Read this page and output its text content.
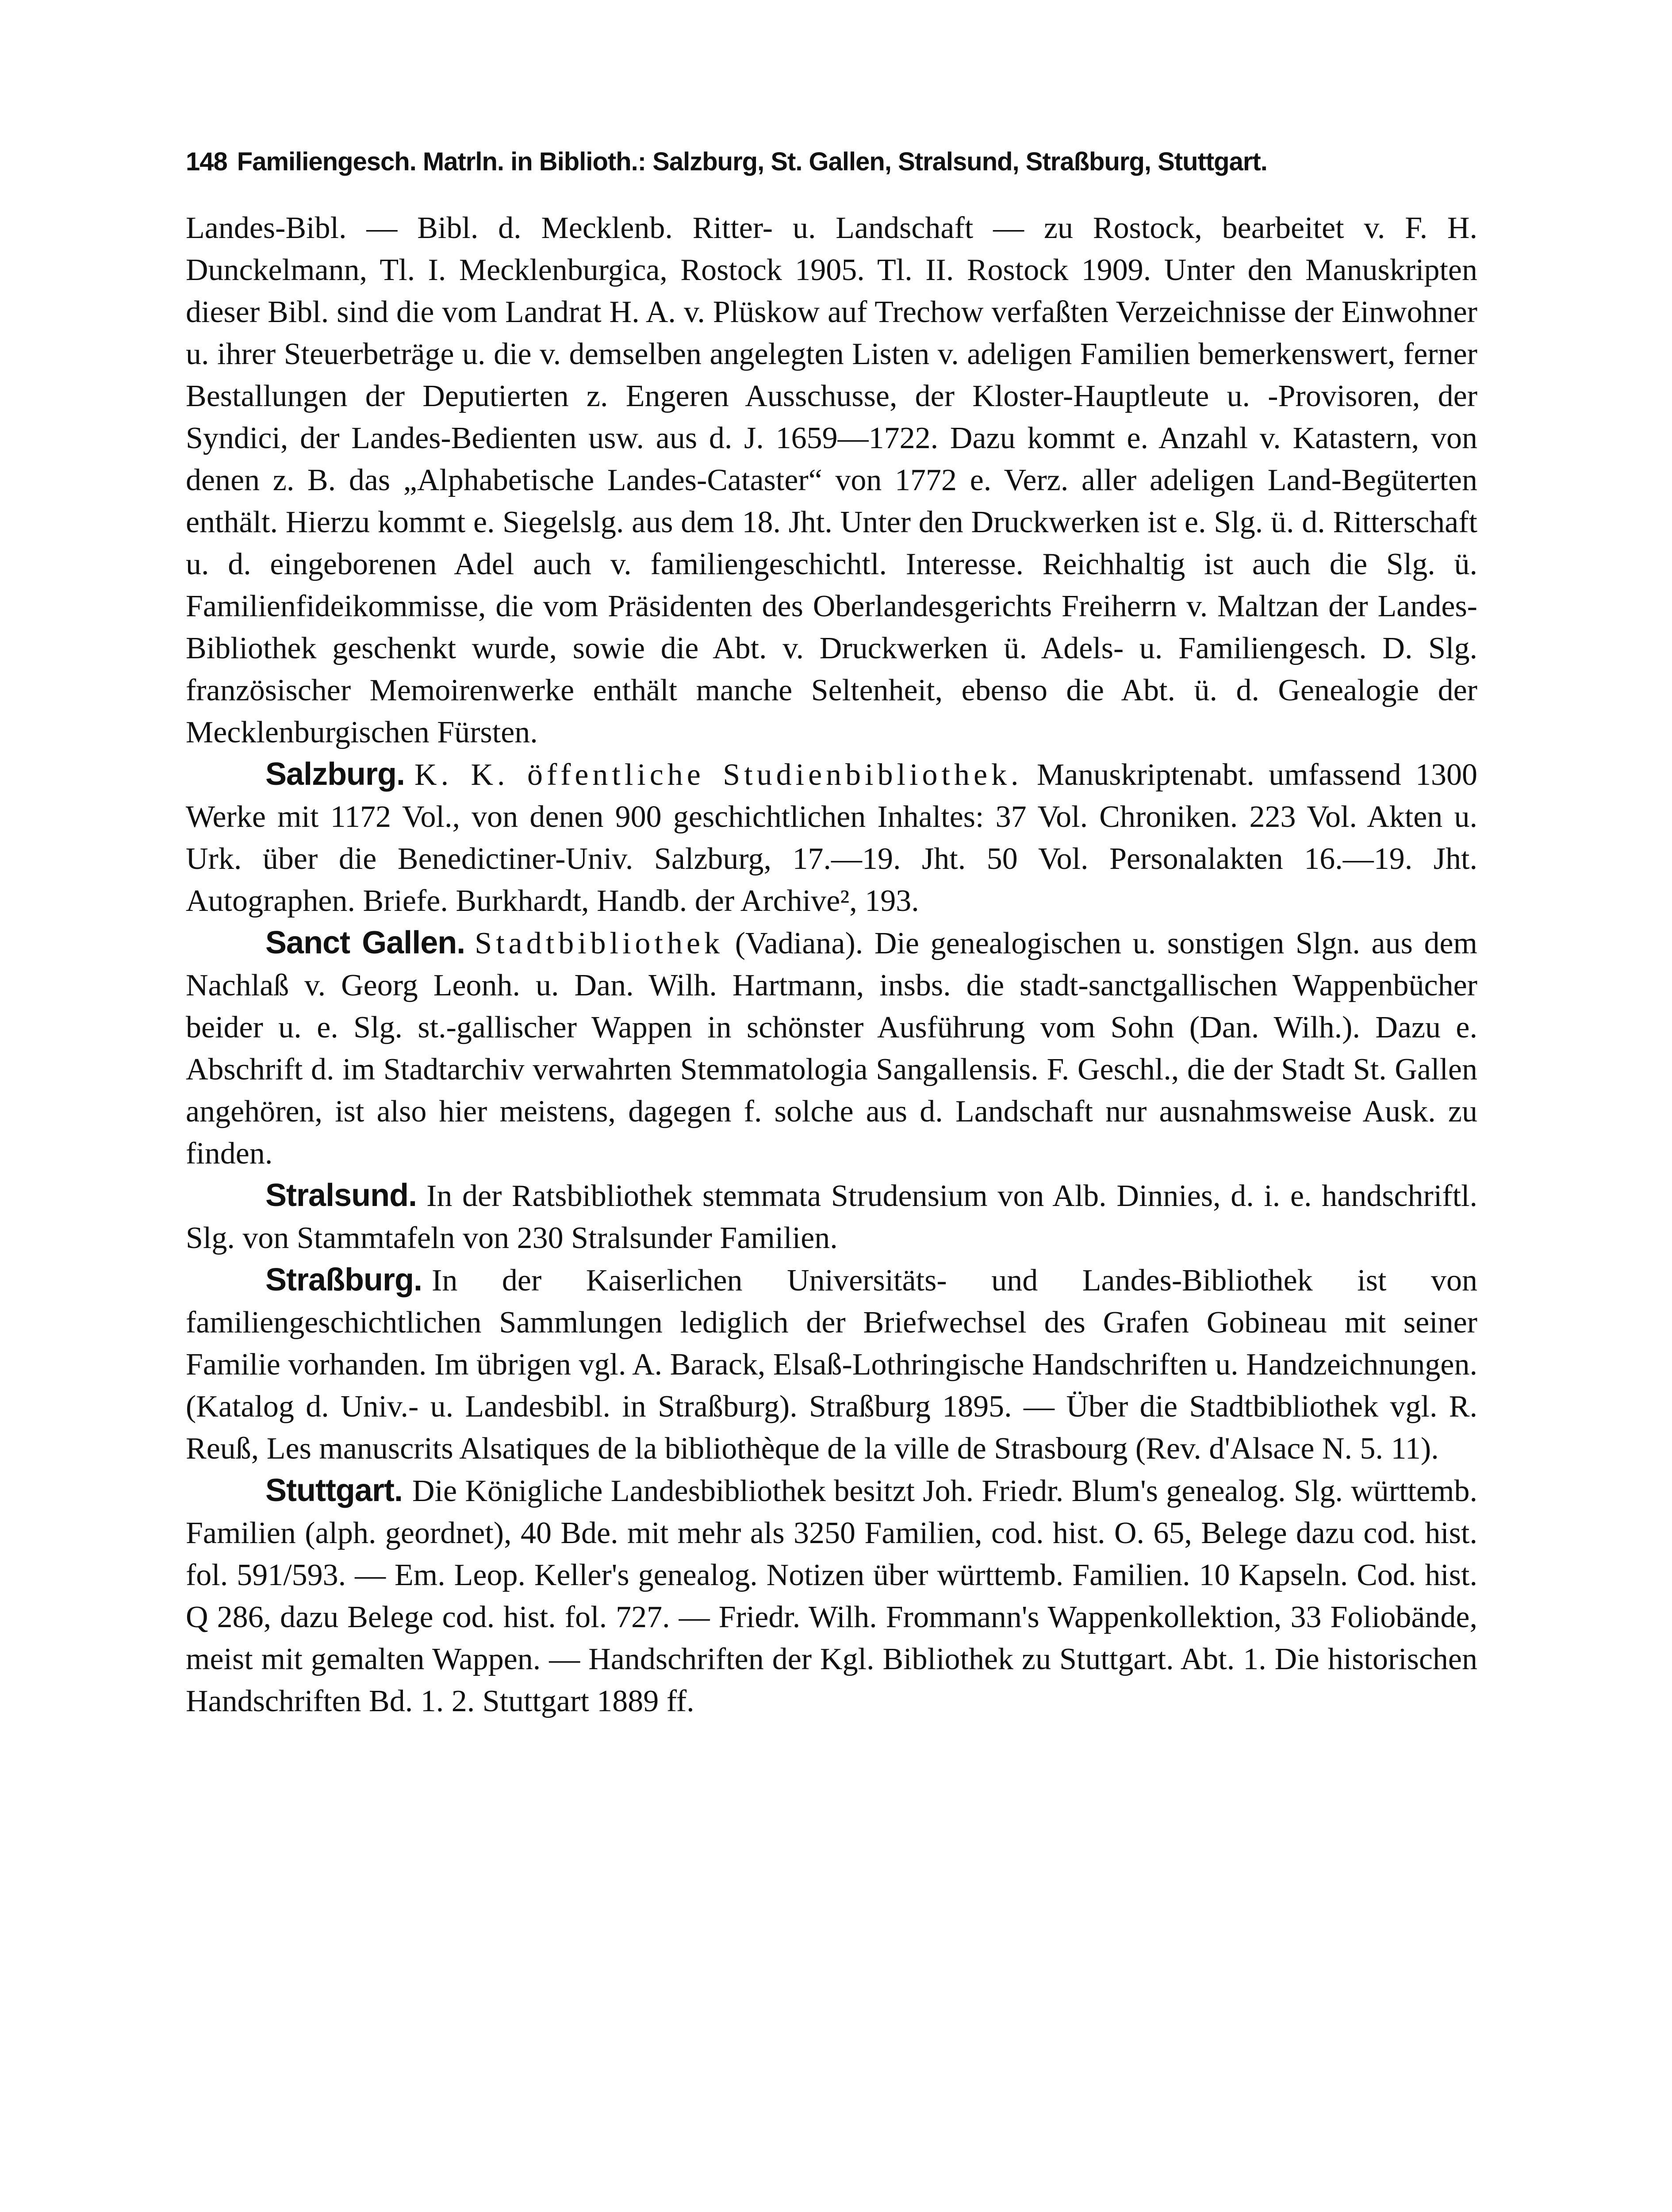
148 Familiengesch. Matrln. in Biblioth.: Salzburg, St. Gallen, Stralsund, Straßburg, Stuttgart.

Landes-Bibl. — Bibl. d. Mecklenb. Ritter- u. Landschaft — zu Rostock, bearbeitet v. F. H. Dunckelmann, Tl. I. Mecklenburgica, Rostock 1905. Tl. II. Rostock 1909. Unter den Manuskripten dieser Bibl. sind die vom Landrat H. A. v. Plüskow auf Trechow verfaßten Verzeichnisse der Einwohner u. ihrer Steuerbeträge u. die v. demselben angelegten Listen v. adeligen Familien bemerkenswert, ferner Bestallungen der Deputierten z. Engeren Ausschusse, der Kloster-Hauptleute u. -Provisoren, der Syndici, der Landes-Bedienten usw. aus d. J. 1659—1722. Dazu kommt e. Anzahl v. Katastern, von denen z. B. das „Alphabetische Landes-Cataster“ von 1772 e. Verz. aller adeligen Land-Begüterten enthält. Hierzu kommt e. Siegelslg. aus dem 18. Jht. Unter den Druckwerken ist e. Slg. ü. d. Ritterschaft u. d. eingeborenen Adel auch v. familiengeschichtl. Interesse. Reichhaltig ist auch die Slg. ü. Familienfideikommisse, die vom Präsidenten des Oberlandesgerichts Freiherrn v. Maltzan der Landes-Bibliothek geschenkt wurde, sowie die Abt. v. Druckwerken ü. Adels- u. Familiengesch. D. Slg. französischer Memoirenwerke enthält manche Seltenheit, ebenso die Abt. ü. d. Genealogie der Mecklenburgischen Fürsten.

Salzburg. K. K. öffentliche Studienbibliothek. Manuskriptenabt. umfassend 1300 Werke mit 1172 Vol., von denen 900 geschichtlichen Inhaltes: 37 Vol. Chroniken. 223 Vol. Akten u. Urk. über die Benedictiner-Univ. Salzburg, 17.—19. Jht. 50 Vol. Personalakten 16.—19. Jht. Autographen. Briefe. Burkhardt, Handb. der Archive², 193.

Sanct Gallen. Stadtbibliothek (Vadiana). Die genealogischen u. sonstigen Slgn. aus dem Nachlaß v. Georg Leonh. u. Dan. Wilh. Hartmann, insbs. die stadt-sanctgallischen Wappenbücher beider u. e. Slg. st.-gallischer Wappen in schönster Ausführung vom Sohn (Dan. Wilh.). Dazu e. Abschrift d. im Stadtarchiv verwahrten Stemmatologia Sangallensis. F. Geschl., die der Stadt St. Gallen angehören, ist also hier meistens, dagegen f. solche aus d. Landschaft nur ausnahmsweise Ausk. zu finden.

Stralsund. In der Ratsbibliothek stemmata Strudensium von Alb. Dinnies, d. i. e. handschriftl. Slg. von Stammtafeln von 230 Stralsunder Familien.

Straßburg. In der Kaiserlichen Universitäts- und Landes-Bibliothek ist von familiengeschichtlichen Sammlungen lediglich der Briefwechsel des Grafen Gobineau mit seiner Familie vorhanden. Im übrigen vgl. A. Barack, Elsaß-Lothringische Handschriften u. Handzeichnungen. (Katalog d. Univ.- u. Landesbibl. in Straßburg). Straßburg 1895. — Über die Stadtbibliothek vgl. R. Reuß, Les manuscrits Alsatiques de la bibliothèque de la ville de Strasbourg (Rev. d'Alsace N. 5. 11).

Stuttgart. Die Königliche Landesbibliothek besitzt Joh. Friedr. Blum's genealog. Slg. württemb. Familien (alph. geordnet), 40 Bde. mit mehr als 3250 Familien, cod. hist. O. 65, Belege dazu cod. hist. fol. 591/593. — Em. Leop. Keller's genealog. Notizen über württemb. Familien. 10 Kapseln. Cod. hist. Q 286, dazu Belege cod. hist. fol. 727. — Friedr. Wilh. Frommann's Wappenkollektion, 33 Foliobände, meist mit gemalten Wappen. — Handschriften der Kgl. Bibliothek zu Stuttgart. Abt. 1. Die historischen Handschriften Bd. 1. 2. Stuttgart 1889 ff.
